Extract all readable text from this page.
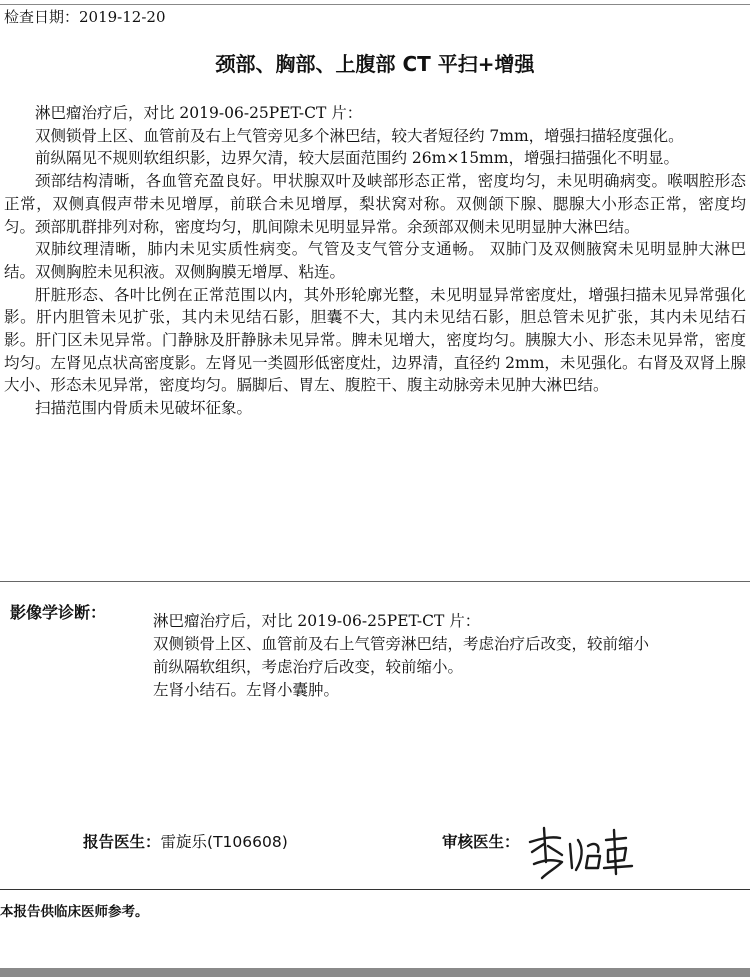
检查日期：2019-12-20
颈部、胸部、上腹部 CT 平扫+增强

淋巴瘤治疗后，对比 2019-06-25PET-CT 片：

双侧锁骨上区、血管前及右上气管旁见多个淋巴结，较大者短径约 7mm，增强扫描轻度强化。

前纵隔见不规则软组织影，边界欠清，较大层面范围约 26m×15mm，增强扫描强化不明显。

颈部结构清晰，各血管充盈良好。甲状腺双叶及峡部形态正常，密度均匀，未见明确病变。喉咽腔形态正常，双侧真假声带未见增厚，前联合未见增厚，梨状窝对称。双侧颌下腺、腮腺大小形态正常，密度均匀。颈部肌群排列对称，密度均匀，肌间隙未见明显异常。余颈部双侧未见明显肿大淋巴结。

双肺纹理清晰，肺内未见实质性病变。气管及支气管分支通畅。 双肺门及双侧腋窝未见明显肿大淋巴结。双侧胸腔未见积液。双侧胸膜无增厚、粘连。

肝脏形态、各叶比例在正常范围以内，其外形轮廓光整，未见明显异常密度灶，增强扫描未见异常强化影。肝内胆管未见扩张，其内未见结石影，胆囊不大，其内未见结石影，胆总管未见扩张，其内未见结石影。肝门区未见异常。门静脉及肝静脉未见异常。脾未见增大，密度均匀。胰腺大小、形态未见异常，密度均匀。左肾见点状高密度影。左肾见一类圆形低密度灶，边界清，直径约 2mm，未见强化。右肾及双肾上腺大小、形态未见异常，密度均匀。膈脚后、胃左、腹腔干、腹主动脉旁未见肿大淋巴结。

扫描范围内骨质未见破坏征象。

影像学诊断：	淋巴瘤治疗后，对比 2019-06-25PET-CT 片：

双侧锁骨上区、血管前及右上气管旁淋巴结，考虑治疗后改变，较前缩小

前纵隔软组织，考虑治疗后改变，较前缩小。

左肾小结石。左肾小囊肿。

报告医生：雷旋乐(T106608)	审核医生：
本报告供临床医师参考。
